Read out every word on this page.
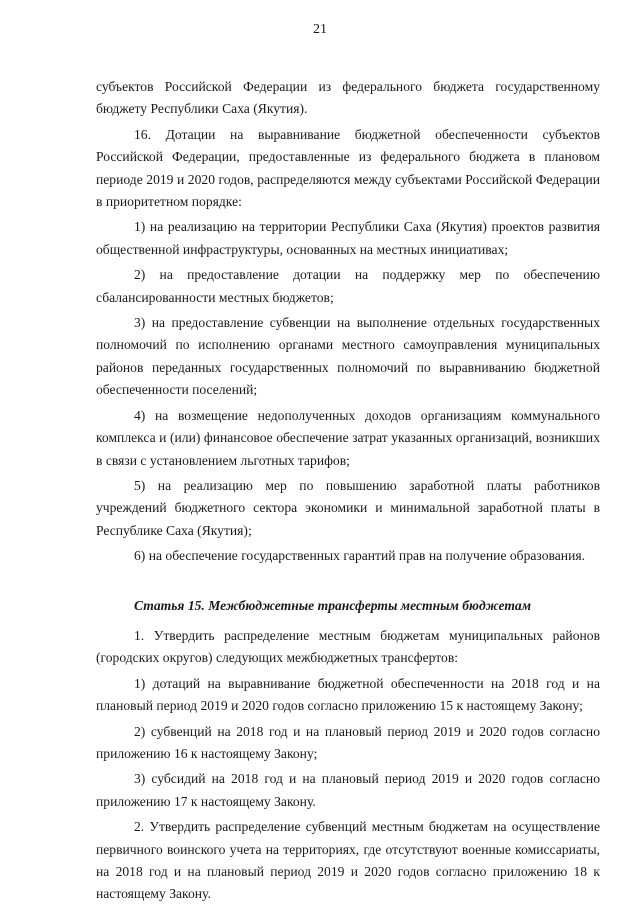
21

субъектов Российской Федерации из федерального бюджета государственному бюджету Республики Саха (Якутия).

16. Дотации на выравнивание бюджетной обеспеченности субъектов Российской Федерации, предоставленные из федерального бюджета в плановом периоде 2019 и 2020 годов, распределяются между субъектами Российской Федерации в приоритетном порядке:

1) на реализацию на территории Республики Саха (Якутия) проектов развития общественной инфраструктуры, основанных на местных инициативах;

2) на предоставление дотации на поддержку мер по обеспечению сбалансированности местных бюджетов;

3) на предоставление субвенции на выполнение отдельных государственных полномочий по исполнению органами местного самоуправления муниципальных районов переданных государственных полномочий по выравниванию бюджетной обеспеченности поселений;

4) на возмещение недополученных доходов организациям коммунального комплекса и (или) финансовое обеспечение затрат указанных организаций, возникших в связи с установлением льготных тарифов;

5) на реализацию мер по повышению заработной платы работников учреждений бюджетного сектора экономики и минимальной заработной платы в Республике Саха (Якутия);

6) на обеспечение государственных гарантий прав на получение образования.

Статья 15. Межбюджетные трансферты местным бюджетам

1. Утвердить распределение местным бюджетам муниципальных районов (городских округов) следующих межбюджетных трансфертов:

1) дотаций на выравнивание бюджетной обеспеченности на 2018 год и на плановый период 2019 и 2020 годов согласно приложению 15 к настоящему Закону;

2) субвенций на 2018 год и на плановый период 2019 и 2020 годов согласно приложению 16 к настоящему Закону;

3) субсидий на 2018 год и на плановый период 2019 и 2020 годов согласно приложению 17 к настоящему Закону.

2. Утвердить распределение субвенций местным бюджетам на осуществление первичного воинского учета на территориях, где отсутствуют военные комиссариаты, на 2018 год и на плановый период 2019 и 2020 годов согласно приложению 18 к настоящему Закону.
